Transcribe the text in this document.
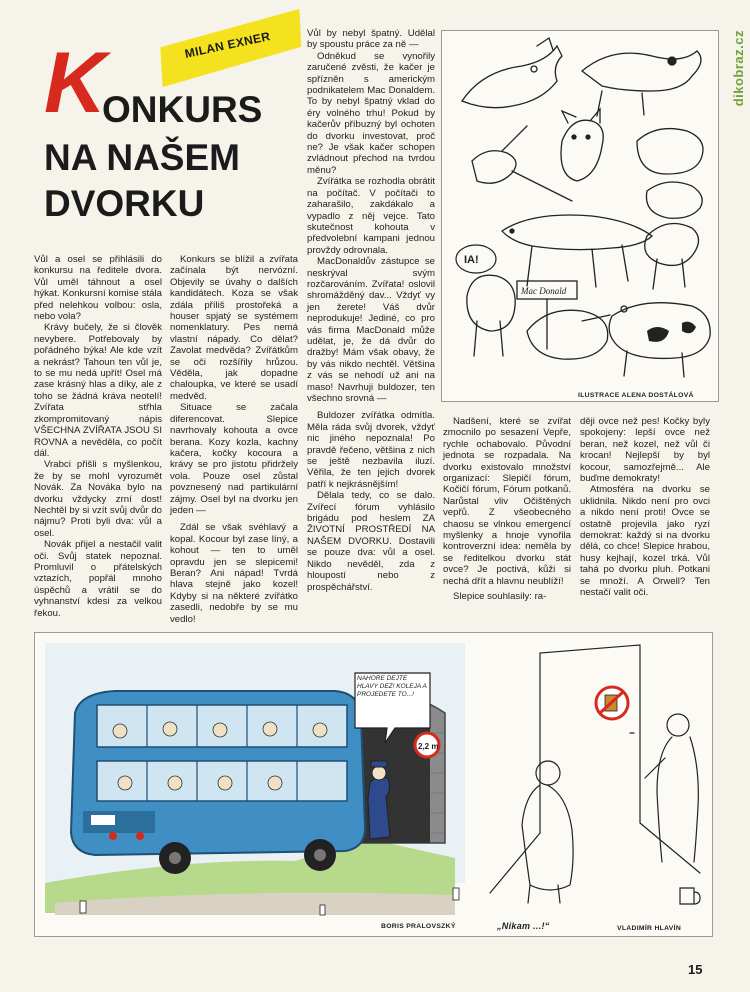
dikobraz.cz
MILAN EXNER
K
ONKURS
NA NAŠEM
DVORKU

Vůl a osel se přihlásili do konkursu na ředitele dvora. Vůl uměl táhnout a osel hýkat. Konkursní komise stála před nelehkou volbou: osla, nebo vola?

Krávy bučely, že si člověk nevybere. Potřebovaly by pořádného býka! Ale kde vzít a nekrást? Tahoun ten vůl je, to se mu nedá upřít! Osel má zase krásný hlas a díky, ale z toho se žádná kráva neotelí! Zvířata střhla zkompromitovaný nápis VŠECHNA ZVÍŘATA JSOU SI ROVNA a nevěděla, co počít dál.

Vrabci přišli s myšlenkou, že by se mohl vyrozumět Novák. Za Nováka bylo na dvorku vždycky zrní dost! Nechtěl by si vzít svůj dvůr do nájmu? Proti byli dva: vůl a osel.

Novák přijel a nestačil valit oči. Svůj statek nepoznal. Promluvil o přátelských vztazích, popřál mnoho úspěchů a vrátil se do vyhnanství kdesi za velkou řekou.

Konkurs se blížil a zvířata začínala být nervózní. Objevily se úvahy o dalších kandidátech. Koza se však zdála příliš prostořeká a houser spjatý se systémem nomenklatury. Pes nemá vlastní nápady. Co dělat? Zavolat medvěda? Zvířátkům se oči rozšířily hrůzou. Věděla, jak dopadne chaloupka, ve které se usadí medvěd.

Situace se začala diferencovat. Slepice navrhovaly kohouta a ovce berana. Kozy kozla, kachny kačera, kočky kocoura a krávy se pro jistotu přidržely vola. Pouze osel zůstal povznesený nad partikulární zájmy. Osel byl na dvorku jen jeden —

Zdál se však svéhlavý a kopal. Kocour byl zase líný, a kohout — ten to uměl opravdu jen se slepicemi! Beran? Ani nápad! Tvrdá hlava stejně jako kozel! Kdyby si na některé zvířátko zasedli, nedobře by se mu vedlo!

Vůl by nebyl špatný. Udělal by spoustu práce za ně —

Odněkud se vynořily zaručené zvěsti, že kačer je spřízněn s americkým podnikatelem Mac Donaldem. To by nebyl špatný vklad do éry volného trhu! Pokud by kačerův příbuzný byl ochoten do dvorku investovat, proč ne? Je však kačer schopen zvládnout přechod na tvrdou měnu?

Zvířátka se rozhodla obrátit na počítač. V počítači to zaharašilo, zakdákalo a vypadlo z něj vejce. Tato skutečnost kohouta v předvolební kampani jednou provždy odrovnala.

MacDonaldův zástupce se neskrýval svým rozčarováním. Zvířata! oslovil shromážděný dav... Vždyť vy jen žerete! Váš dvůr neprodukuje! Jediné, co pro vás firma MacDonald může udělat, je, že dá dvůr do dražby! Mám však obavy, že by vás nikdo nechtěl. Většina z vás se nehodí už ani na maso! Navrhuji buldozer, ten všechno srovná —

Buldozer zvířátka odmítla. Měla ráda svůj dvorek, vždyť nic jiného nepoznala! Po pravdě řečeno, většina z nich se ještě nezbavila iluzí. Věřila, že ten jejich dvorek patří k nejkrásnějším!

Dělala tedy, co se dalo. Zvířecí fórum vyhlásilo brigádu pod heslem ZA ŽIVOTNÍ PROSTŘEDÍ NA NAŠEM DVORKU. Dostavili se pouze dva: vůl a osel. Nikdo nevěděl, zda z hloupostí nebo z prospěchářství.

IA!
Mac Donald
ILUSTRACE ALENA DOSTÁLOVÁ

Nadšení, které se zvířat zmocnilo po sesazení Vepře, rychle ochabovalo. Původní jednota se rozpadala. Na dvorku existovalo množství organizací: Slepičí fórum, Kočičí fórum, Fórum potkanů. Narůstal vliv Očištěných vepřů. Z všeobecného chaosu se vlnkou emergencí myšlenky a hnoje vynořila kontroverzní idea: neměla by se ředitelkou dvorku stát ovce? Je poctivá, kůži si nechá dřít a hlavnu neublíží!

Slepice souhlasily: ra-

ději ovce než pes! Kočky byly spokojeny: lepší ovce než beran, než kozel, než vůl či krocan! Nejlepší by byl kocour, samozřejmě... Ale buďme demokraty!

Atmosféra na dvorku se uklidnila. Nikdo není pro ovci a nikdo není proti! Ovce se ostatně projevila jako ryzí demokrat: každý si na dvorku dělá, co chce! Slepice hrabou, husy kejhají, kozel trká. Vůl tahá po dvorku pluh. Potkani se množí. A Orwell? Ten nestačí valit oči.

2,2 m
NAHOŘE DEJTE HLAVY DEZ! KOLEJA A PROJEDETE TO...!
BORIS PRALOVSZKÝ	„Nikam ...!“	VLADIMÍR HLAVÍN
15
